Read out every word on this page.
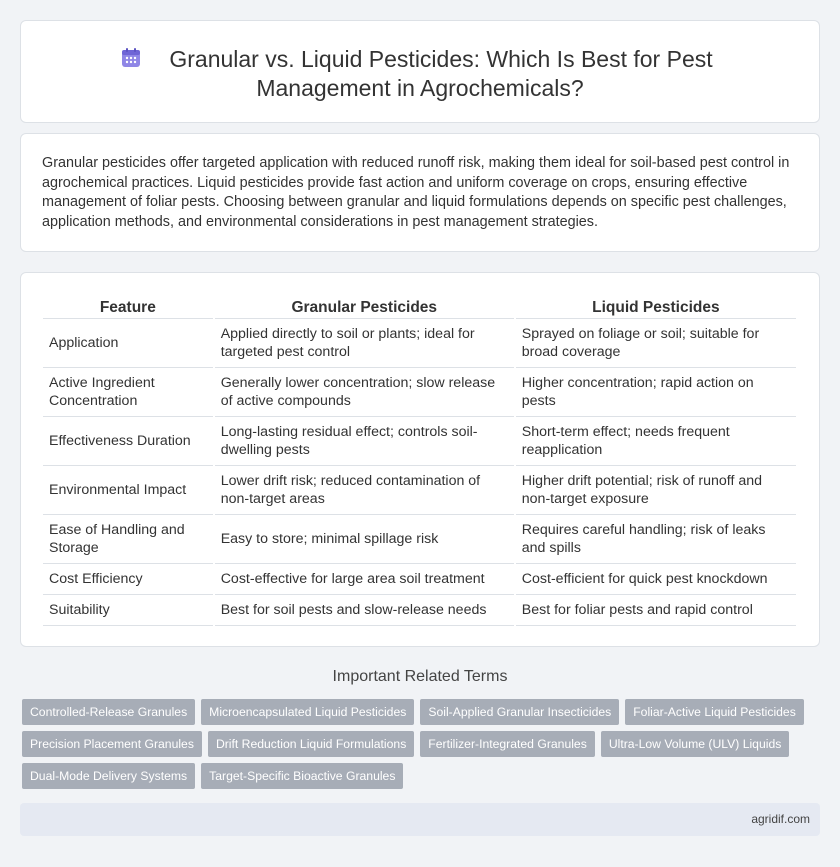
Granular vs. Liquid Pesticides: Which Is Best for Pest
Management in Agrochemicals?

Granular pesticides offer targeted application with reduced runoff risk, making them ideal for soil-based pest control in agrochemical practices. Liquid pesticides provide fast action and uniform coverage on crops, ensuring effective management of foliar pests. Choosing between granular and liquid formulations depends on specific pest challenges, application methods, and environmental considerations in pest management strategies.

Feature	Granular Pesticides	Liquid Pesticides
Application	Applied directly to soil or plants; ideal for targeted pest control	Sprayed on foliage or soil; suitable for broad coverage
Active Ingredient Concentration	Generally lower concentration; slow release of active compounds	Higher concentration; rapid action on pests
Effectiveness Duration	Long-lasting residual effect; controls soil-dwelling pests	Short-term effect; needs frequent reapplication
Environmental Impact	Lower drift risk; reduced contamination of non-target areas	Higher drift potential; risk of runoff and non-target exposure
Ease of Handling and Storage	Easy to store; minimal spillage risk	Requires careful handling; risk of leaks and spills
Cost Efficiency	Cost-effective for large area soil treatment	Cost-efficient for quick pest knockdown
Suitability	Best for soil pests and slow-release needs	Best for foliar pests and rapid control
Important Related Terms
Controlled-Release Granules	Microencapsulated Liquid Pesticides	Soil-Applied Granular Insecticides	Foliar-Active Liquid Pesticides
Precision Placement Granules	Drift Reduction Liquid Formulations	Fertilizer-Integrated Granules	Ultra-Low Volume (ULV) Liquids
Dual-Mode Delivery Systems	Target-Specific Bioactive Granules
agridif.com
